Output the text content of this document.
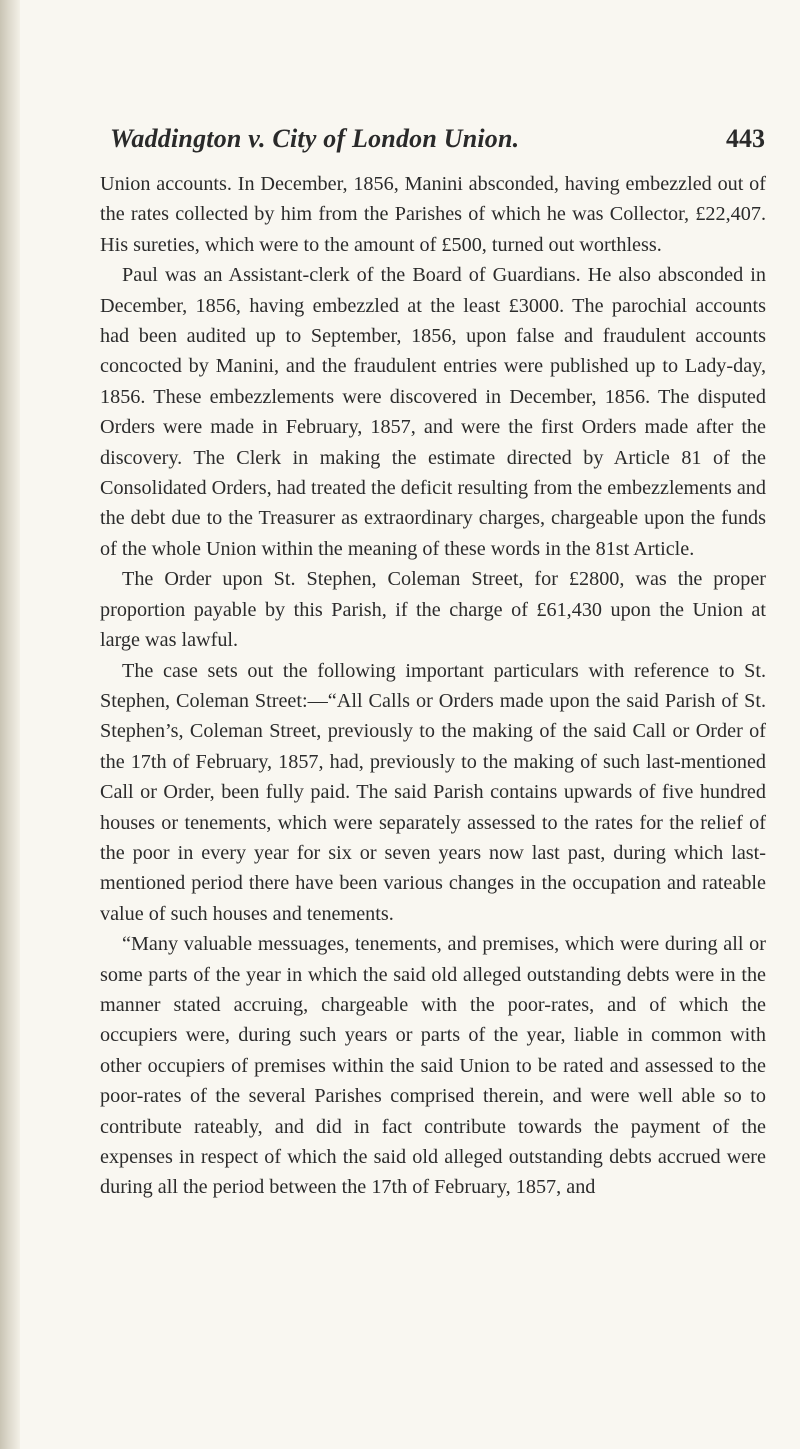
Waddington v. City of London Union.	443

Union accounts. In December, 1856, Manini absconded, having embezzled out of the rates collected by him from the Parishes of which he was Collector, £22,407. His sureties, which were to the amount of £500, turned out worthless.

Paul was an Assistant-clerk of the Board of Guardians. He also absconded in December, 1856, having embezzled at the least £3000. The parochial accounts had been audited up to September, 1856, upon false and fraudulent accounts concocted by Manini, and the fraudulent entries were published up to Lady-day, 1856. These embezzlements were discovered in December, 1856. The disputed Orders were made in February, 1857, and were the first Orders made after the discovery. The Clerk in making the estimate directed by Article 81 of the Consolidated Orders, had treated the deficit resulting from the embezzlements and the debt due to the Treasurer as extraordinary charges, chargeable upon the funds of the whole Union within the meaning of these words in the 81st Article.

The Order upon St. Stephen, Coleman Street, for £2800, was the proper proportion payable by this Parish, if the charge of £61,430 upon the Union at large was lawful.

The case sets out the following important particulars with reference to St. Stephen, Coleman Street:—“All Calls or Orders made upon the said Parish of St. Stephen’s, Coleman Street, previously to the making of the said Call or Order of the 17th of February, 1857, had, previously to the making of such last-mentioned Call or Order, been fully paid. The said Parish contains upwards of five hundred houses or tenements, which were separately assessed to the rates for the relief of the poor in every year for six or seven years now last past, during which last-mentioned period there have been various changes in the occupation and rateable value of such houses and tenements.

“Many valuable messuages, tenements, and premises, which were during all or some parts of the year in which the said old alleged outstanding debts were in the manner stated accruing, chargeable with the poor-rates, and of which the occupiers were, during such years or parts of the year, liable in common with other occupiers of premises within the said Union to be rated and assessed to the poor-rates of the several Parishes comprised therein, and were well able so to contribute rateably, and did in fact contribute towards the payment of the expenses in respect of which the said old alleged outstanding debts accrued were during all the period between the 17th of February, 1857, and
